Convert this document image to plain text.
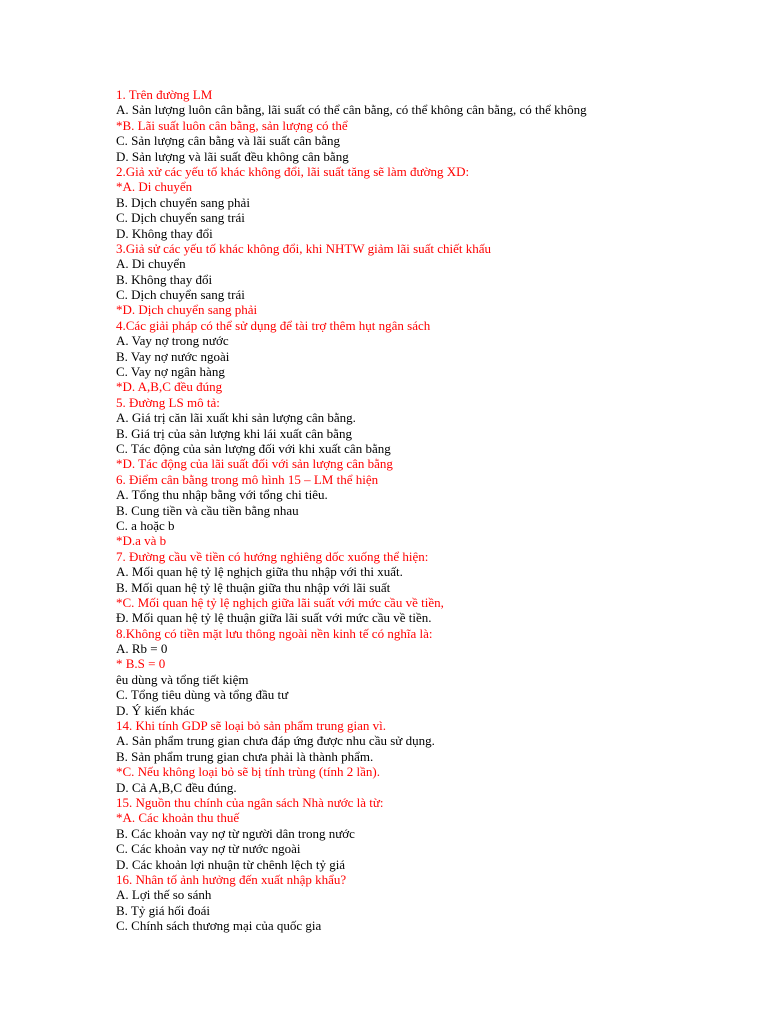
1. Trên đường LM
A. Sản lượng luôn cân bằng, lãi suất có thể cân bằng, có thể không cân bằng, có thể không
*B. Lãi suất luôn cân bằng, sản lượng có thể
C. Sản lượng cân bằng và lãi suất cân bằng
D. Sản lượng và lãi suất đều không cân bằng
2.Giả xử các yếu tố khác không đổi, lãi suất tăng sẽ làm đường XD:
*A. Di chuyển
B. Dịch chuyển sang phải
C. Dịch chuyển sang trái
D. Không thay đổi
3.Giả sử các yếu tố khác không đổi, khi NHTW giảm lãi suất chiết khấu
A. Di chuyển
B. Không thay đổi
C. Dịch chuyển sang trái
*D. Dịch chuyển sang phải
4.Các giải pháp có thể sử dụng để tài trợ thêm hụt ngân sách
A. Vay nợ trong nước
B. Vay nợ nước ngoài
C. Vay nợ ngân hàng
*D. A,B,C đều đúng
5. Đường LS mô tả:
A. Giá trị căn lãi xuất khi sản lượng cân bằng.
B. Giá trị của sản lượng khi lái xuất cân bằng
C. Tác động của sản lượng đối với khi xuất cân bằng
*D. Tác động của lãi suất đối với sản lượng cân bằng
6. Điểm cân bằng trong mô hình 15 – LM thể hiện
A. Tổng thu nhập bằng với tổng chi tiêu.
B. Cung tiền và cầu tiền bằng nhau
C. a hoặc b
*D.a và b
7. Đường cầu về tiền có hướng nghiêng dốc xuống thể hiện:
A. Mối quan hệ tỷ lệ nghịch giữa thu nhập với thi xuất.
B. Mối quan hệ tỷ lệ thuận giữa thu nhập với lãi suất
*C. Mối quan hệ tỷ lệ nghịch giữa lãi suất với mức cầu về tiền,
Đ. Mối quan hệ tỷ lệ thuận giữa lãi suất với mức cầu về tiền.
8.Không có tiền mặt lưu thông ngoài nền kinh tế có nghĩa là:
A. Rb = 0
* B.S = 0
êu dùng và tổng tiết kiệm
C. Tổng tiêu dùng và tổng đầu tư
D. Ý kiến khác
14. Khi tính GDP sẽ loại bỏ sản phẩm trung gian vì.
A. Sản phẩm trung gian chưa đáp ứng được nhu cầu sử dụng.
B. Sản phẩm trung gian chưa phải là thành phẩm.
*C. Nếu không loại bỏ sẽ bị tính trùng (tính 2 lần).
D. Cả A,B,C đều đúng.
15. Nguồn thu chính của ngân sách Nhà nước là từ:
*A. Các khoản thu thuế
B. Các khoản vay nợ từ người dân trong nước
C. Các khoản vay nợ từ nước ngoài
D. Các khoản lợi nhuận từ chênh lệch tỷ giá
16. Nhân tố ảnh hưởng đến xuất nhập khẩu?
A. Lợi thế so sánh
B. Tỷ giá hối đoái
C. Chính sách thương mại của quốc gia
